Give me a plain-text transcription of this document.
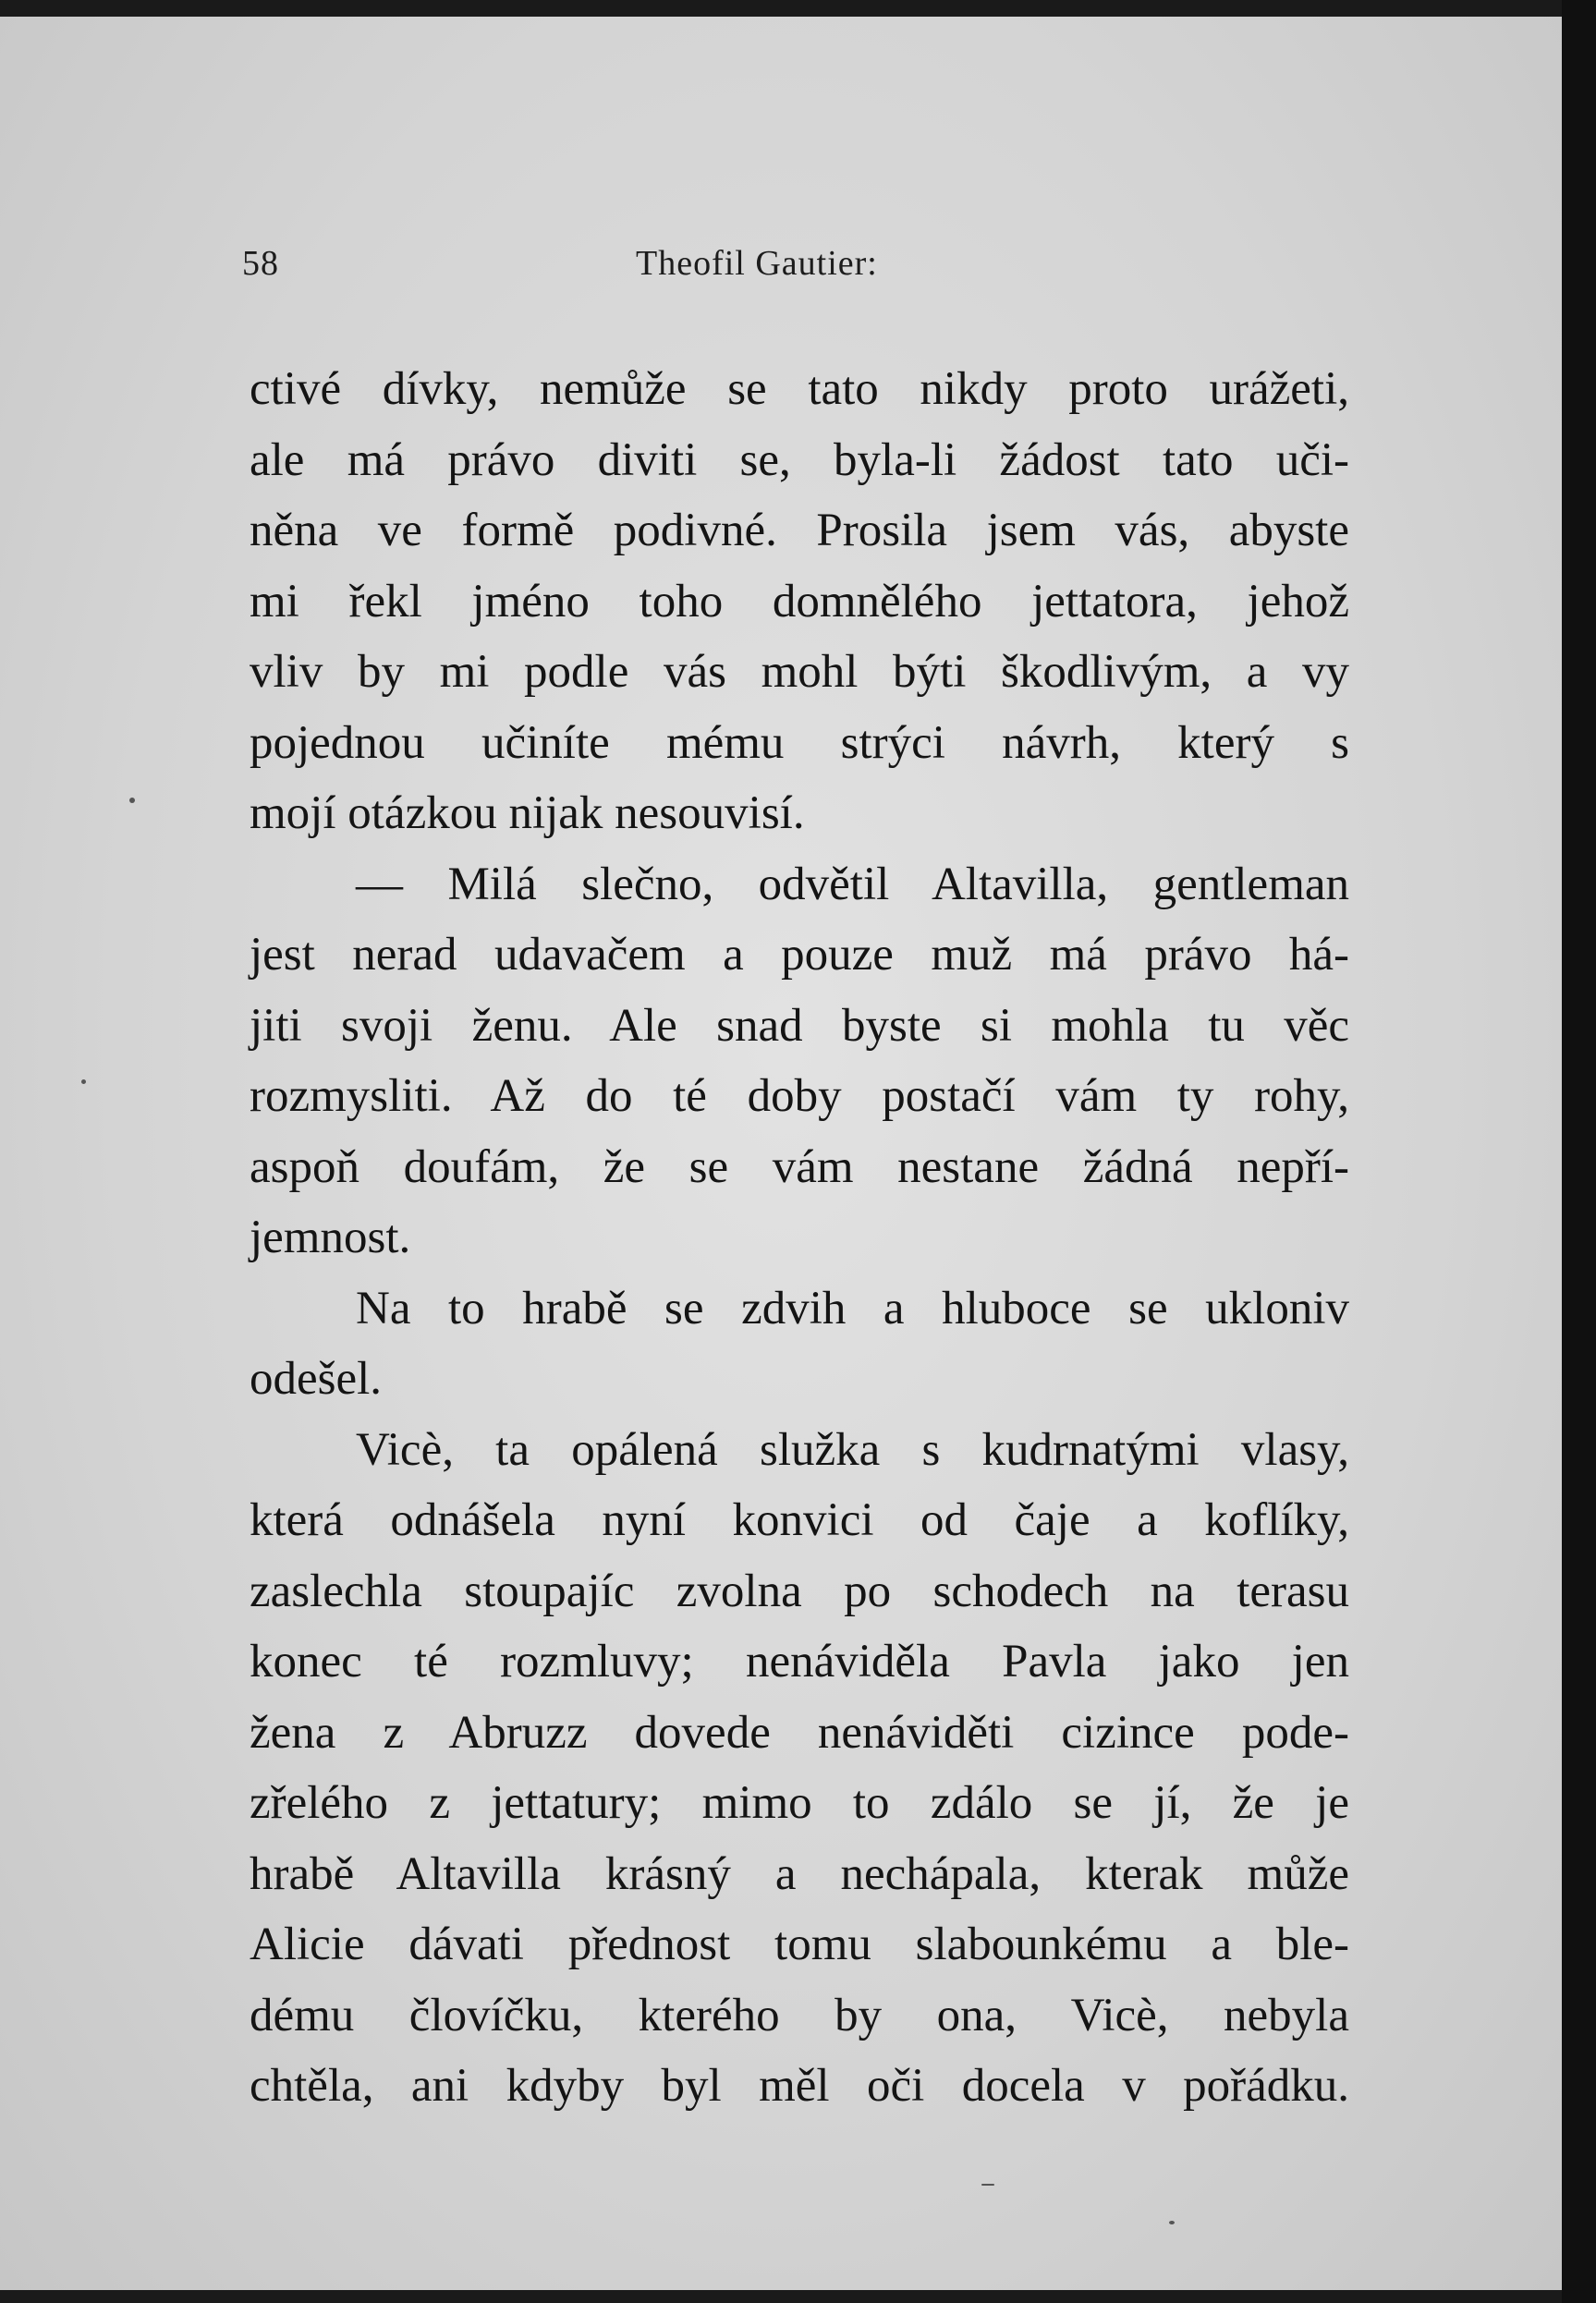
58	Theofil Gautier:
ctivé dívky, nemůže se tato nikdy proto urážeti,
ale má právo diviti se, byla-li žádost tato uči-
něna ve formě podivné. Prosila jsem vás, abyste
mi řekl jméno toho domnělého jettatora, jehož
vliv by mi podle vás mohl býti škodlivým, a vy
pojednou učiníte mému strýci návrh, který s
mojí otázkou nijak nesouvisí.
— Milá slečno, odvětil Altavilla, gentleman
jest nerad udavačem a pouze muž má právo há-
jiti svoji ženu. Ale snad byste si mohla tu věc
rozmysliti. Až do té doby postačí vám ty rohy,
aspoň doufám, že se vám nestane žádná nepří-
jemnost.
Na to hrabě se zdvih a hluboce se ukloniv
odešel.
Vicè, ta opálená služka s kudrnatými vlasy,
která odnášela nyní konvici od čaje a koflíky,
zaslechla stoupajíc zvolna po schodech na terasu
konec té rozmluvy; nenáviděla Pavla jako jen
žena z Abruzz dovede nenáviděti cizince pode-
zřelého z jettatury; mimo to zdálo se jí, že je
hrabě Altavilla krásný a nechápala, kterak může
Alicie dávati přednost tomu slabounkému a ble-
dému človíčku, kterého by ona, Vicè, nebyla
chtěla, ani kdyby byl měl oči docela v pořádku.
